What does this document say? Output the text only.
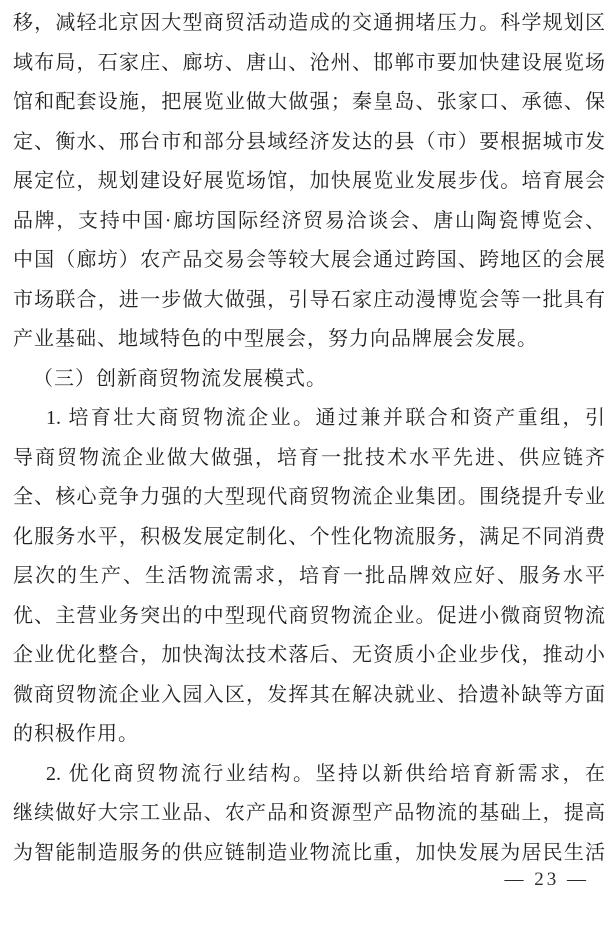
移，减轻北京因大型商贸活动造成的交通拥堵压力。科学规划区
域布局，石家庄、廊坊、唐山、沧州、邯郸市要加快建设展览场
馆和配套设施，把展览业做大做强；秦皇岛、张家口、承德、保
定、衡水、邢台市和部分县域经济发达的县（市）要根据城市发
展定位，规划建设好展览场馆，加快展览业发展步伐。培育展会
品牌，支持中国·廊坊国际经济贸易洽谈会、唐山陶瓷博览会、
中国（廊坊）农产品交易会等较大展会通过跨国、跨地区的会展
市场联合，进一步做大做强，引导石家庄动漫博览会等一批具有
产业基础、地域特色的中型展会，努力向品牌展会发展。
（三）创新商贸物流发展模式。
1. 培育壮大商贸物流企业。通过兼并联合和资产重组，引
导商贸物流企业做大做强，培育一批技术水平先进、供应链齐
全、核心竞争力强的大型现代商贸物流企业集团。围绕提升专业
化服务水平，积极发展定制化、个性化物流服务，满足不同消费
层次的生产、生活物流需求，培育一批品牌效应好、服务水平
优、主营业务突出的中型现代商贸物流企业。促进小微商贸物流
企业优化整合，加快淘汰技术落后、无资质小企业步伐，推动小
微商贸物流企业入园入区，发挥其在解决就业、拾遗补缺等方面
的积极作用。
2. 优化商贸物流行业结构。坚持以新供给培育新需求，在
继续做好大宗工业品、农产品和资源型产品物流的基础上，提高
为智能制造服务的供应链制造业物流比重，加快发展为居民生活
— 23 —
